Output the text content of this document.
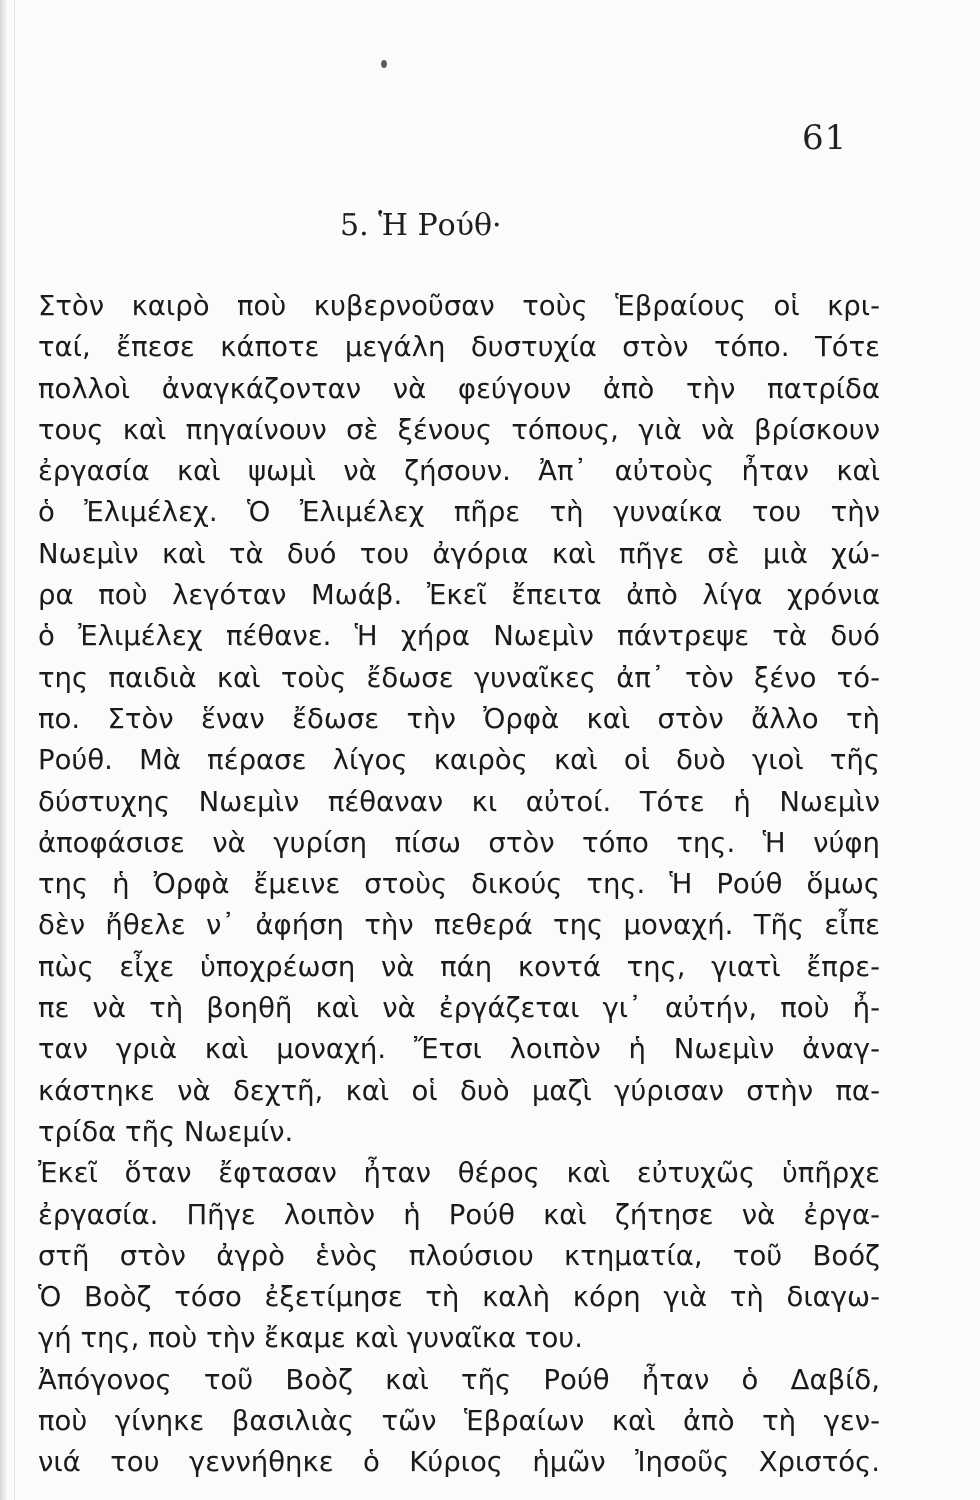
61
5. Ἡ Ρούθ·
Στὸν καιρὸ ποὺ κυβερνοῦσαν τοὺς Ἑβραίους οἱ κρι-
ταί, ἔπεσε κάποτε μεγάλη δυστυχία στὸν τόπο. Τότε
πολλοὶ ἀναγκάζονταν νὰ φεύγουν ἀπὸ τὴν πατρίδα
τους καὶ πηγαίνουν σὲ ξένους τόπους, γιὰ νὰ βρίσκουν
ἐργασία καὶ ψωμὶ νὰ ζήσουν. Ἀπ᾿ αὐτοὺς ἦταν καὶ
ὁ Ἐλιμέλεχ. Ὁ Ἐλιμέλεχ πῆρε τὴ γυναίκα του τὴν
Νωεμὶν καὶ τὰ δυό του ἀγόρια καὶ πῆγε σὲ μιὰ χώ-
ρα ποὺ λεγόταν Μωάβ. Ἐκεῖ ἔπειτα ἀπὸ λίγα χρόνια
ὁ Ἐλιμέλεχ πέθανε. Ἡ χήρα Νωεμὶν πάντρεψε τὰ δυό
της παιδιὰ καὶ τοὺς ἔδωσε γυναῖκες ἀπ᾿ τὸν ξένο τό-
πο. Στὸν ἕναν ἔδωσε τὴν Ὀρφὰ καὶ στὸν ἄλλο τὴ
Ρούθ. Μὰ πέρασε λίγος καιρὸς καὶ οἱ δυὸ γιοὶ τῆς
δύστυχης Νωεμὶν πέθαναν κι αὐτοί. Τότε ἡ Νωεμὶν
ἀποφάσισε νὰ γυρίση πίσω στὸν τόπο της. Ἡ νύφη
της ἡ Ὀρφὰ ἔμεινε στοὺς δικούς της. Ἡ Ρούθ ὅμως
δὲν ἤθελε ν᾿ ἀφήση τὴν πεθερά της μοναχή. Τῆς εἶπε
πὼς εἶχε ὑποχρέωση νὰ πάη κοντά της, γιατὶ ἔπρε-
πε νὰ τὴ βοηθῆ καὶ νὰ ἐργάζεται γι᾿ αὐτήν, ποὺ ἦ-
ταν γριὰ καὶ μοναχή. Ἔτσι λοιπὸν ἡ Νωεμὶν ἀναγ-
κάστηκε νὰ δεχτῆ, καὶ οἱ δυὸ μαζὶ γύρισαν στὴν πα-
τρίδα τῆς Νωεμίν.
Ἐκεῖ ὅταν ἔφτασαν ἦταν θέρος καὶ εὐτυχῶς ὑπῆρχε
ἐργασία. Πῆγε λοιπὸν ἡ Ρούθ καὶ ζήτησε νὰ ἐργα-
στῆ στὸν ἀγρὸ ἑνὸς πλούσιου κτηματία, τοῦ Βοόζ
Ὁ Βοὸζ τόσο ἐξετίμησε τὴ καλὴ κόρη γιὰ τὴ διαγω-
γή της, ποὺ τὴν ἔκαμε καὶ γυναῖκα του.
Ἀπόγονος τοῦ Βοὸζ καὶ τῆς Ρούθ ἦταν ὁ Δαβίδ,
ποὺ γίνηκε βασιλιὰς τῶν Ἑβραίων καὶ ἀπὸ τὴ γεν-
νιά του γεννήθηκε ὁ Κύριος ἡμῶν Ἰησοῦς Χριστός.
